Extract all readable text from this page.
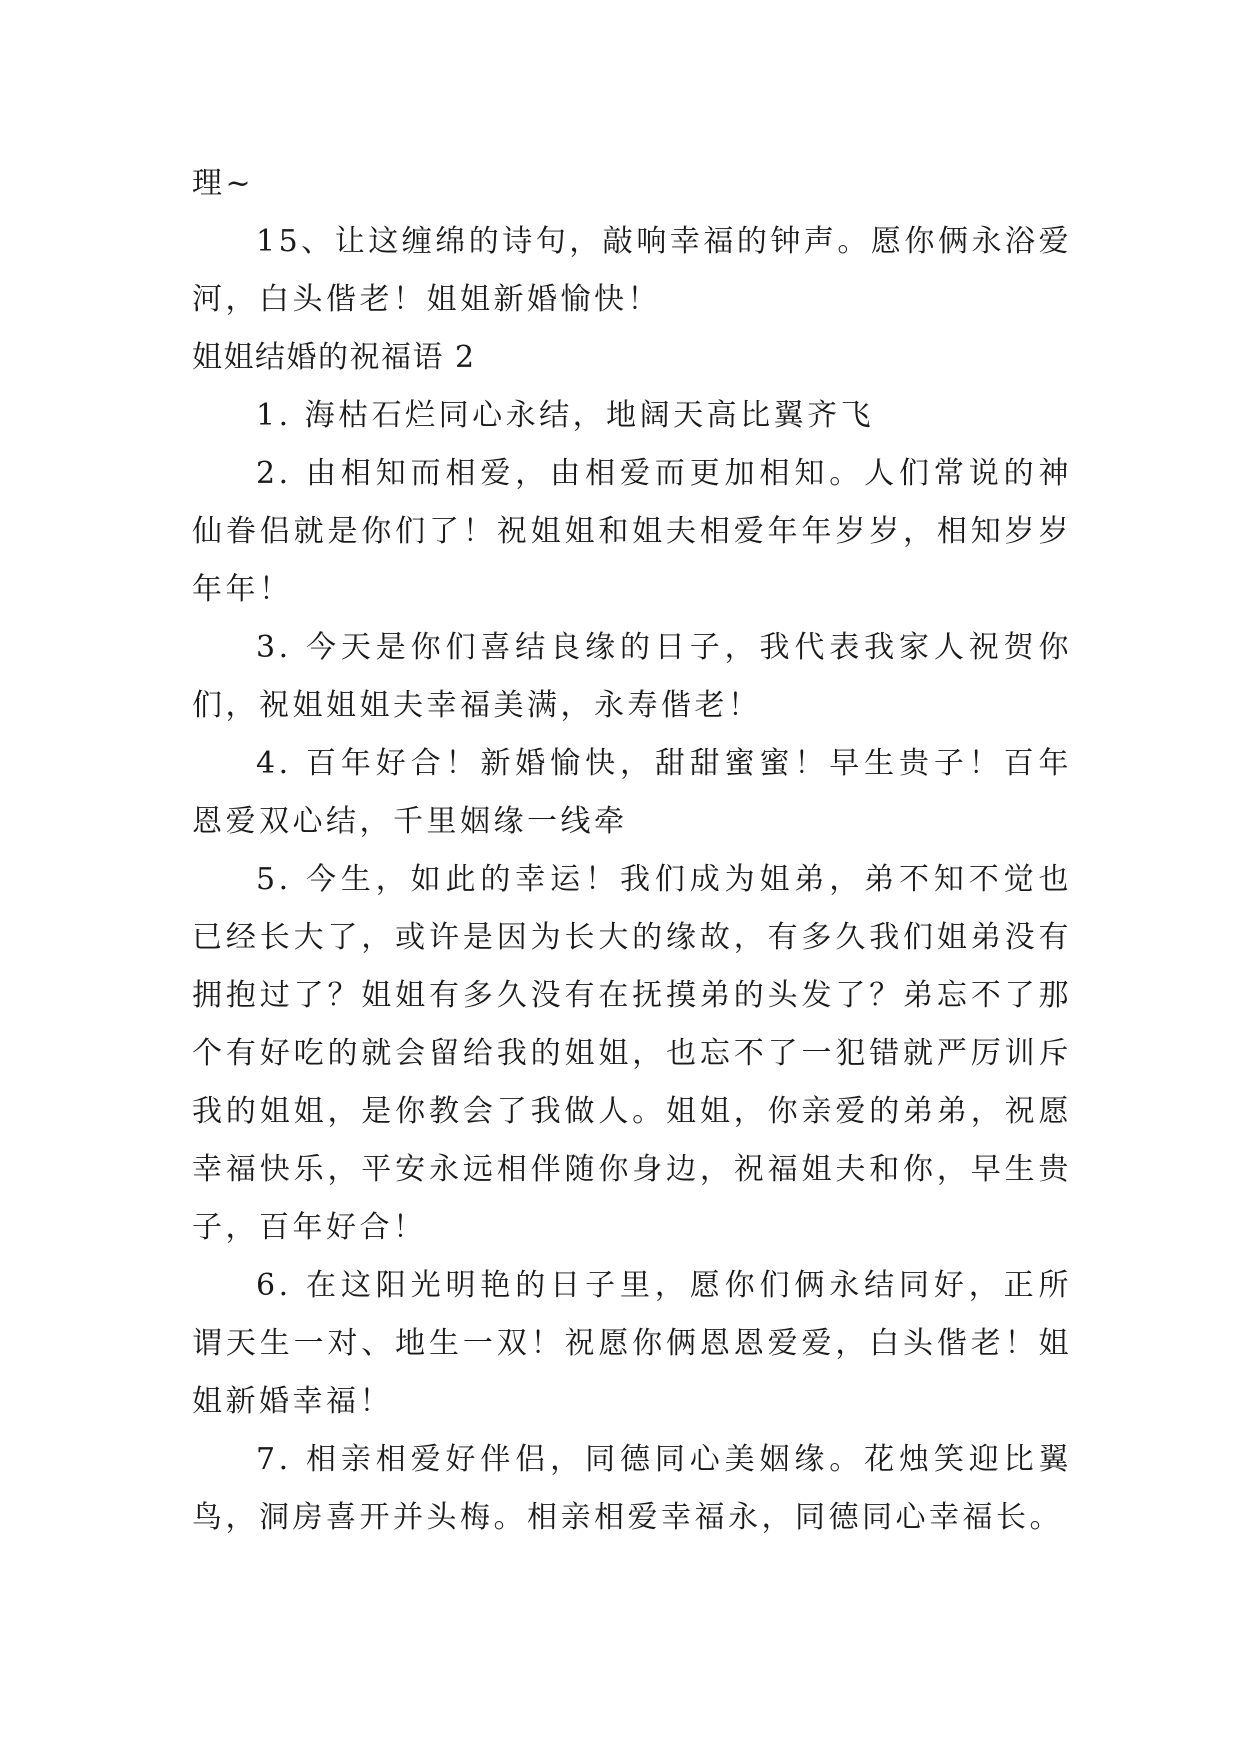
理~

15、让这缠绵的诗句，敲响幸福的钟声。愿你俩永浴爱河，白头偕老！姐姐新婚愉快！

姐姐结婚的祝福语 2

1. 海枯石烂同心永结，地阔天高比翼齐飞

2. 由相知而相爱，由相爱而更加相知。人们常说的神仙眷侣就是你们了！祝姐姐和姐夫相爱年年岁岁，相知岁岁年年！

3. 今天是你们喜结良缘的日子，我代表我家人祝贺你们，祝姐姐姐夫幸福美满，永寿偕老！

4. 百年好合！新婚愉快，甜甜蜜蜜！早生贵子！百年恩爱双心结，千里姻缘一线牵

5. 今生，如此的幸运！我们成为姐弟，弟不知不觉也已经长大了，或许是因为长大的缘故，有多久我们姐弟没有拥抱过了？姐姐有多久没有在抚摸弟的头发了？弟忘不了那个有好吃的就会留给我的姐姐，也忘不了一犯错就严厉训斥我的姐姐，是你教会了我做人。姐姐，你亲爱的弟弟，祝愿幸福快乐，平安永远相伴随你身边，祝福姐夫和你，早生贵子，百年好合！

6. 在这阳光明艳的日子里，愿你们俩永结同好，正所谓天生一对、地生一双！祝愿你俩恩恩爱爱，白头偕老！姐姐新婚幸福！

7. 相亲相爱好伴侣，同德同心美姻缘。花烛笑迎比翼鸟，洞房喜开并头梅。相亲相爱幸福永，同德同心幸福长。
